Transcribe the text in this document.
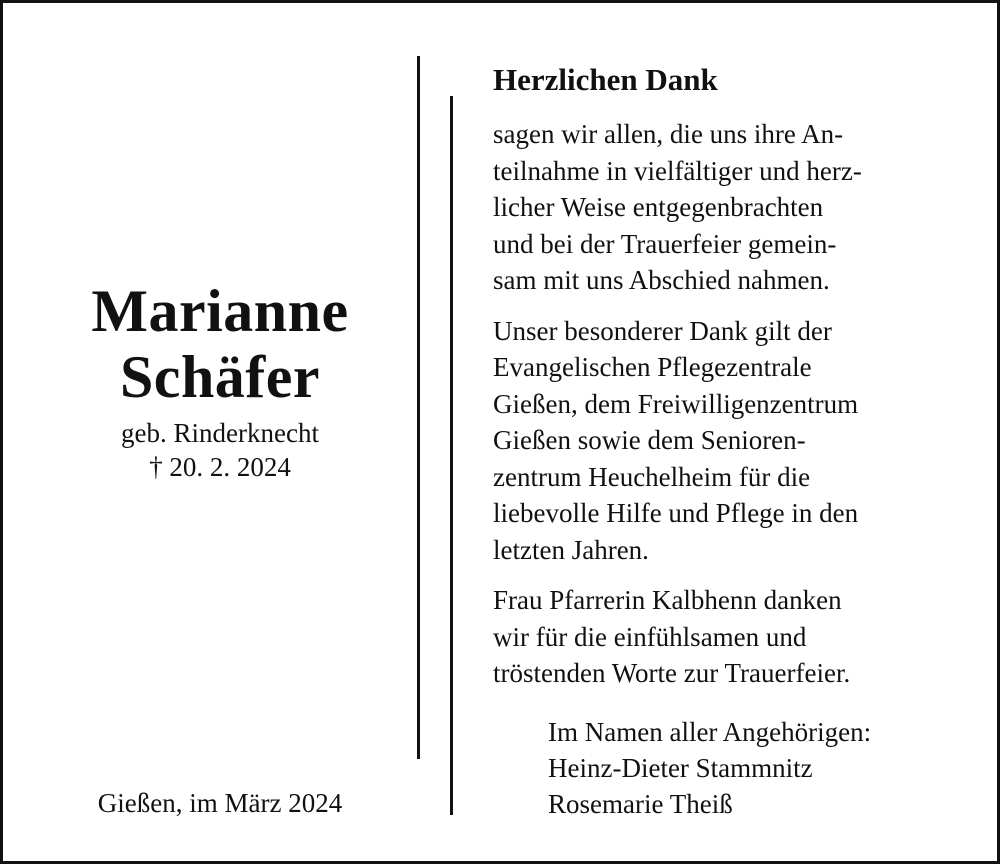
Marianne
Schäfer
geb. Rinderknecht
† 20. 2. 2024
Gießen, im März 2024
Herzlichen Dank
sagen wir allen, die uns ihre An-
teilnahme in vielfältiger und herz-
licher Weise entgegenbrachten
und bei der Trauerfeier gemein-
sam mit uns Abschied nahmen.
Unser besonderer Dank gilt der
Evangelischen Pflegezentrale
Gießen, dem Freiwilligenzentrum
Gießen sowie dem Senioren-
zentrum Heuchelheim für die
liebevolle Hilfe und Pflege in den
letzten Jahren.
Frau Pfarrerin Kalbhenn danken
wir für die einfühlsamen und
tröstenden Worte zur Trauerfeier.
Im Namen aller Angehörigen:
Heinz-Dieter Stammnitz
Rosemarie Theiß
